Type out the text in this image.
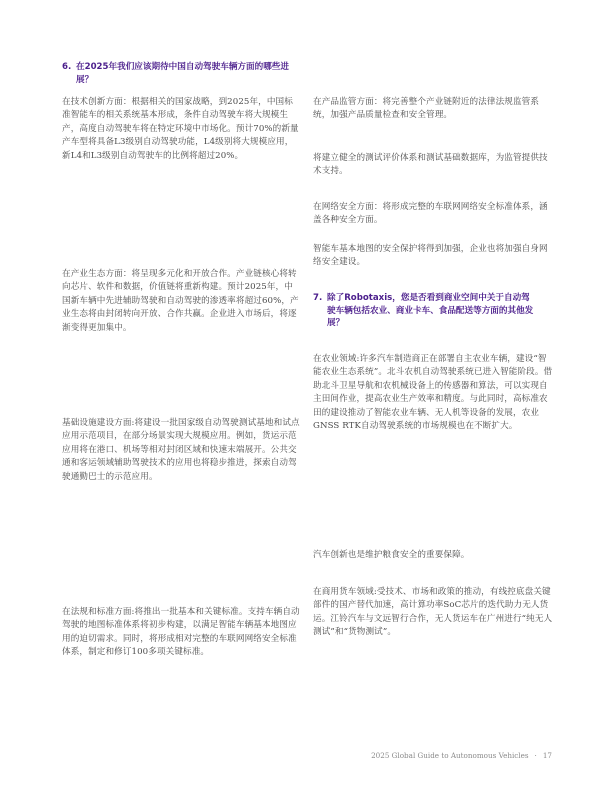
6. 在2025年我们应该期待中国自动驾驶车辆方面的哪些进展？
在技术创新方面：根据相关的国家战略，到2025年，中国标准智能车的相关系统基本形成，条件自动驾驶车将大规模生产，高度自动驾驶车将在特定环境中市场化。预计70%的新量产车型将具备L3级别自动驾驶功能，L4级别将大规模应用，新L4和L3级别自动驾驶车的比例将超过20%。
在产业生态方面：将呈现多元化和开放合作。产业链核心将转向芯片、软件和数据，价值链将重新构建。预计2025年，中国新车辆中先进辅助驾驶和自动驾驶的渗透率将超过60%，产业生态将由封闭转向开放、合作共赢。企业进入市场后，将逐渐变得更加集中。
基础设施建设方面:将建设一批国家级自动驾驶测试基地和试点应用示范项目，在部分场景实现大规模应用。例如，货运示范应用将在港口、机场等相对封闭区域和快速末端展开。公共交通和客运领域辅助驾驶技术的应用也将稳步推进，探索自动驾驶通勤巴士的示范应用。
在法规和标准方面:将推出一批基本和关键标准。支持车辆自动驾驶的地图标准体系将初步构建，以满足智能车辆基本地图应用的迫切需求。同时，将形成相对完整的车联网网络安全标准体系，制定和修订100多项关键标准。
在产品监管方面：将完善整个产业链附近的法律法规监管系统，加强产品质量检查和安全管理。
将建立健全的测试评价体系和测试基础数据库，为监管提供技术支持。
在网络安全方面：将形成完整的车联网网络安全标准体系，涵盖各种安全方面。
智能车基本地图的安全保护将得到加强，企业也将加强自身网络安全建设。
7. 除了Robotaxis，您是否看到商业空间中关于自动驾驶车辆包括农业、商业卡车、食品配送等方面的其他发展？
在农业领域:许多汽车制造商正在部署自主农业车辆，建设“智能农业生态系统”。北斗农机自动驾驶系统已进入智能阶段。借助北斗卫星导航和农机械设备上的传感器和算法，可以实现自主田间作业，提高农业生产效率和精度。与此同时，高标准农田的建设推动了智能农业车辆、无人机等设备的发展，农业GNSS RTK自动驾驶系统的市场规模也在不断扩大。
汽车创新也是维护粮食安全的重要保障。
在商用货车领域:受技术、市场和政策的推动，有线控底盘关键部件的国产替代加速，高计算功率SoC芯片的迭代助力无人货运。江铃汽车与文远智行合作，无人货运车在广州进行“纯无人测试”和“货物测试”。
2025 Global Guide to Autonomous Vehicles · 17
